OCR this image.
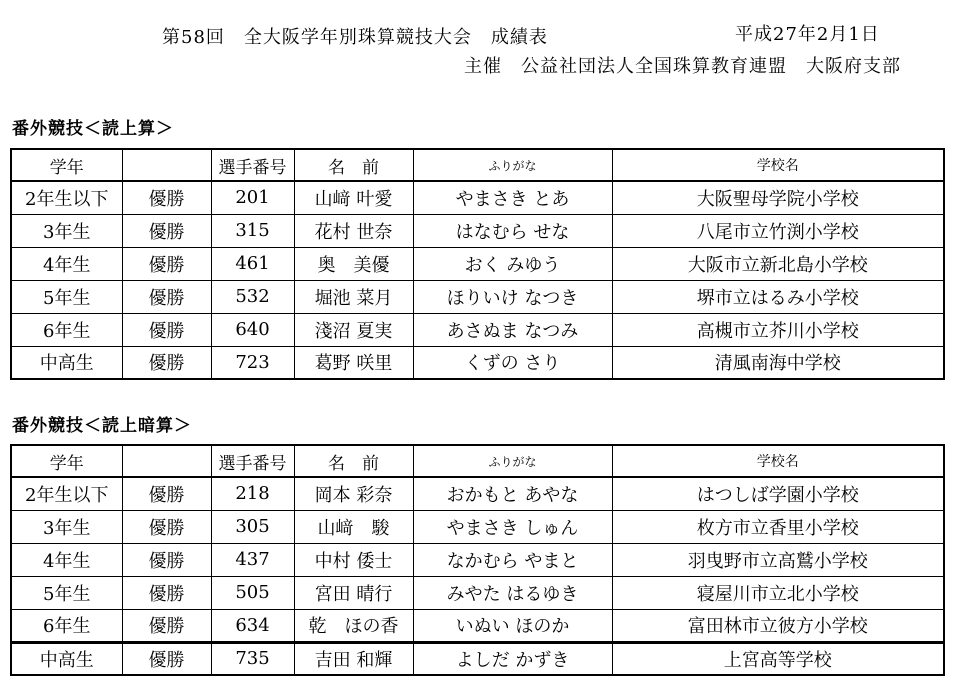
第58回　全大阪学年別珠算競技大会　成績表	平成27年2月1日
主催　公益社団法人全国珠算教育連盟　大阪府支部
番外競技＜読上算＞
学年		選手番号	名　前	ふりがな	学校名
2年生以下	優勝	201	山﨑 叶愛	やまさき とあ	大阪聖母学院小学校
3年生	優勝	315	花村 世奈	はなむら せな	八尾市立竹渕小学校
4年生	優勝	461	奥　美優	おく みゆう	大阪市立新北島小学校
5年生	優勝	532	堀池 菜月	ほりいけ なつき	堺市立はるみ小学校
6年生	優勝	640	淺沼 夏実	あさぬま なつみ	高槻市立芥川小学校
中高生	優勝	723	葛野 咲里	くずの さり	清風南海中学校
番外競技＜読上暗算＞
学年		選手番号	名　前	ふりがな	学校名
2年生以下	優勝	218	岡本 彩奈	おかもと あやな	はつしば学園小学校
3年生	優勝	305	山﨑　駿	やまさき しゅん	枚方市立香里小学校
4年生	優勝	437	中村 倭士	なかむら やまと	羽曳野市立高鷲小学校
5年生	優勝	505	宮田 晴行	みやた はるゆき	寝屋川市立北小学校
6年生	優勝	634	乾　ほの香	いぬい ほのか	富田林市立彼方小学校
中高生	優勝	735	吉田 和輝	よしだ かずき	上宮高等学校
